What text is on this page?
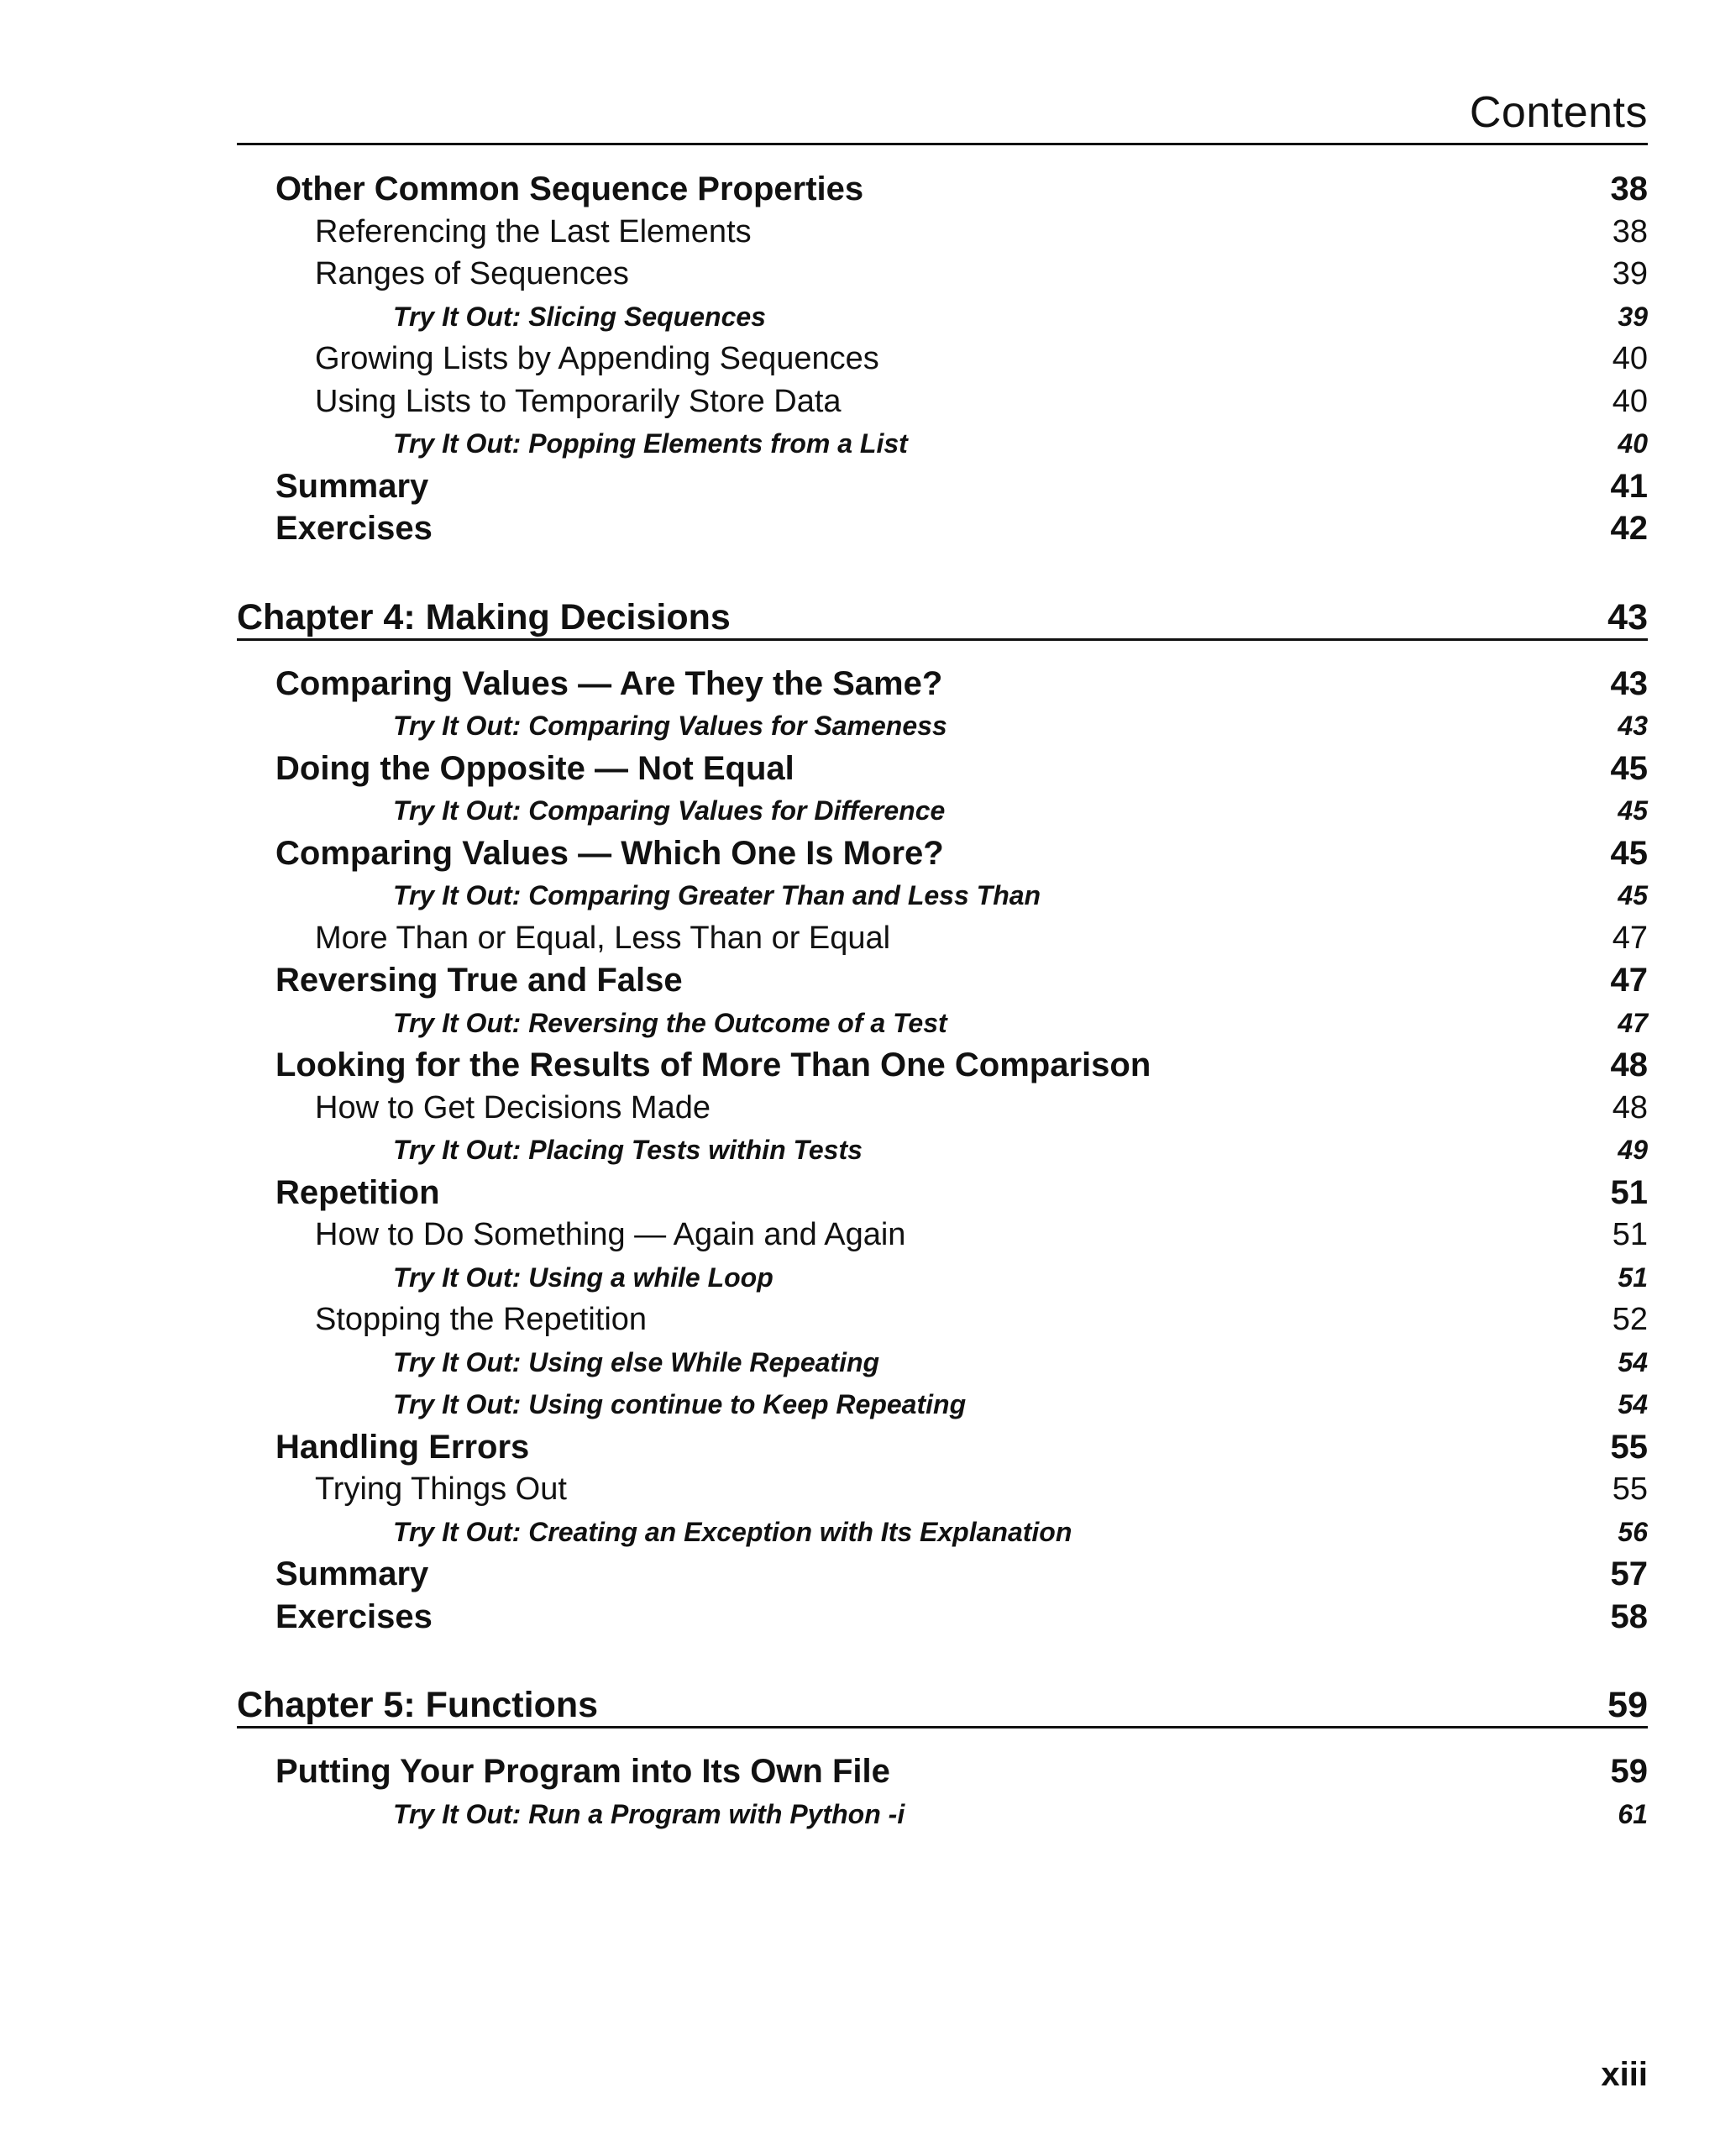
Contents
Other Common Sequence Properties	38
Referencing the Last Elements	38
Ranges of Sequences	39
Try It Out: Slicing Sequences	39
Growing Lists by Appending Sequences	40
Using Lists to Temporarily Store Data	40
Try It Out: Popping Elements from a List	40
Summary	41
Exercises	42
Chapter 4: Making Decisions	43
Comparing Values — Are They the Same?	43
Try It Out: Comparing Values for Sameness	43
Doing the Opposite — Not Equal	45
Try It Out: Comparing Values for Difference	45
Comparing Values — Which One Is More?	45
Try It Out: Comparing Greater Than and Less Than	45
More Than or Equal, Less Than or Equal	47
Reversing True and False	47
Try It Out: Reversing the Outcome of a Test	47
Looking for the Results of More Than One Comparison	48
How to Get Decisions Made	48
Try It Out: Placing Tests within Tests	49
Repetition	51
How to Do Something — Again and Again	51
Try It Out: Using a while Loop	51
Stopping the Repetition	52
Try It Out: Using else While Repeating	54
Try It Out: Using continue to Keep Repeating	54
Handling Errors	55
Trying Things Out	55
Try It Out: Creating an Exception with Its Explanation	56
Summary	57
Exercises	58
Chapter 5: Functions	59
Putting Your Program into Its Own File	59
Try It Out: Run a Program with Python -i	61
xiii
